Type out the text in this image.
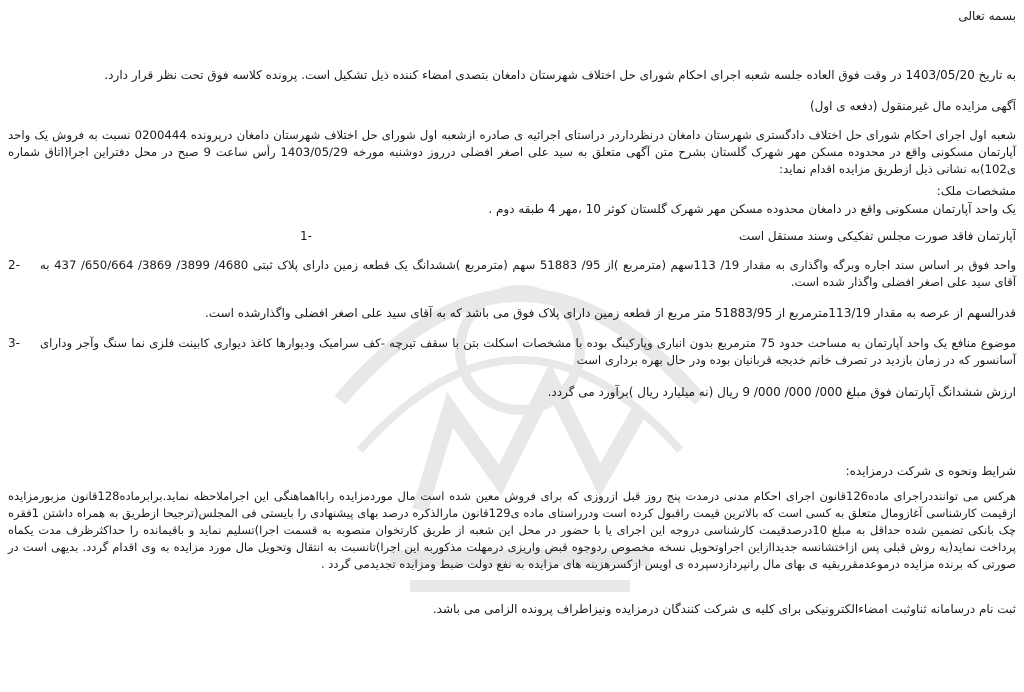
بسمه تعالی
به تاریخ 1403/05/20 در وقت فوق العاده جلسه شعبه اجرای احکام شورای حل اختلاف شهرستان دامغان بتصدی امضاء کننده ذیل تشکیل است. پرونده کلاسه فوق تحت نظر قرار دارد.
آگهی مزایده مال غیرمنقول (دفعه ی اول)
شعبه اول اجرای احکام شورای حل اختلاف دادگستری شهرستان دامغان درنظرداردر دراستای اجرائیه ی صادره ازشعبه اول شورای حل اختلاف شهرستان دامغان درپرونده 0200444 نسبت به فروش یک واحد آپارتمان مسکونی واقع در محدوده مسکن مهر شهرک گلستان بشرح متن آگهی متعلق به سید علی اصغر افضلی درروز دوشنبه مورخه 1403/05/29 رأس ساعت 9 صبح در محل دفتراین اجرا(اتاق شماره ی102)به نشانی ذیل ازطریق مزایده اقدام نماید:
مشخصات ملک:
یک واحد آپارتمان مسکونی واقع در دامغان محدوده مسکن مهر شهرک گلستان کوثر 10 ،مهر 4 طبقه دوم .
آپارتمان فاقد صورت مجلس تفکیکی وسند مستقل است
1-
واحد فوق بر اساس سند اجاره وبرگه واگذاری به مقدار 19/ 113سهم (مترمربع )از 95/ 51883 سهم (مترمربع )ششدانگ یک قطعه زمین دارای پلاک ثبتی 4680/ 3899/ 3869/ 650/664/ 437 به آقای سید علی اصغر افضلی واگذار شده است.
2-
قدرالسهم از عرصه به مقدار 113/19مترمربع از 51883/95 متر مربع از قطعه زمین دارای پلاک فوق می باشد که به آقای سید علی اصغر افضلی واگذارشده است.
موضوع منافع یک واحد آپارتمان به مساحت حدود 75 مترمربع بدون انباری وپارکینگ بوده با مشخصات اسکلت بتن با سقف تیرچه -کف سرامیک ودیوارها کاغذ دیواری کابینت فلزی نما سنگ وآجر ودارای آسانسور که در زمان بازدید در تصرف خانم خدیجه قربانیان بوده ودر حال بهره برداری است
3-
ارزش ششدانگ آپارتمان فوق مبلغ 000/ 000/ 000/ 9 ریال (نه میلیارد ریال )برآورد می گردد.
شرایط ونحوه ی شرکت درمزایده:
هرکس می تواننددراجرای ماده126قانون اجرای احکام مدنی درمدت پنج روز قبل ازروزی که برای فروش معین شده است مال موردمزایده رابااهماهنگی این اجراملاحظه نماید.برابرماده128قانون مزبورمزایده ازقیمت کارشناسی آغازومال متعلق به کسی است که بالاترین قیمت راقبول کرده است ودرراستای ماده ی129قانون مارالذکره درصد بهای پیشنهادی را بایستی فی المجلس(ترجیحا ازطریق به همراه داشتن 1فقره چک بانکی تضمین شده حداقل به مبلغ 10درصدقیمت کارشناسی دروجه این اجرای یا با حضور در محل این شعبه از طریق کارتخوان منصوبه به قسمت اجرا)تسلیم نماید و باقیمانده را حداکثرظرف مدت یکماه پرداخت نماید(به روش قبلی پس ازاختشانسه جدیداازاین اجراوتحویل نسخه مخصوص ردوجوه قبض واریزی درمهلت مذکوربه این اجرا)تانسبت به انتقال وتحویل مال مورد مزایده به وی اقدام گردد. بدیهی است در صورتی که برنده مزایده درموعدمقرربقیه ی بهای مال رانپردازدسپرده ی اویس ازکسرهزینه های مزایده به نفع دولت ضبط ومزایده تجدیدمی گردد .
ثبت نام درسامانه ثناوثبت امضاءالکترونیکی برای کلیه ی شرکت کنندگان درمزایده ونیزاطراف پرونده الزامی می باشد.
